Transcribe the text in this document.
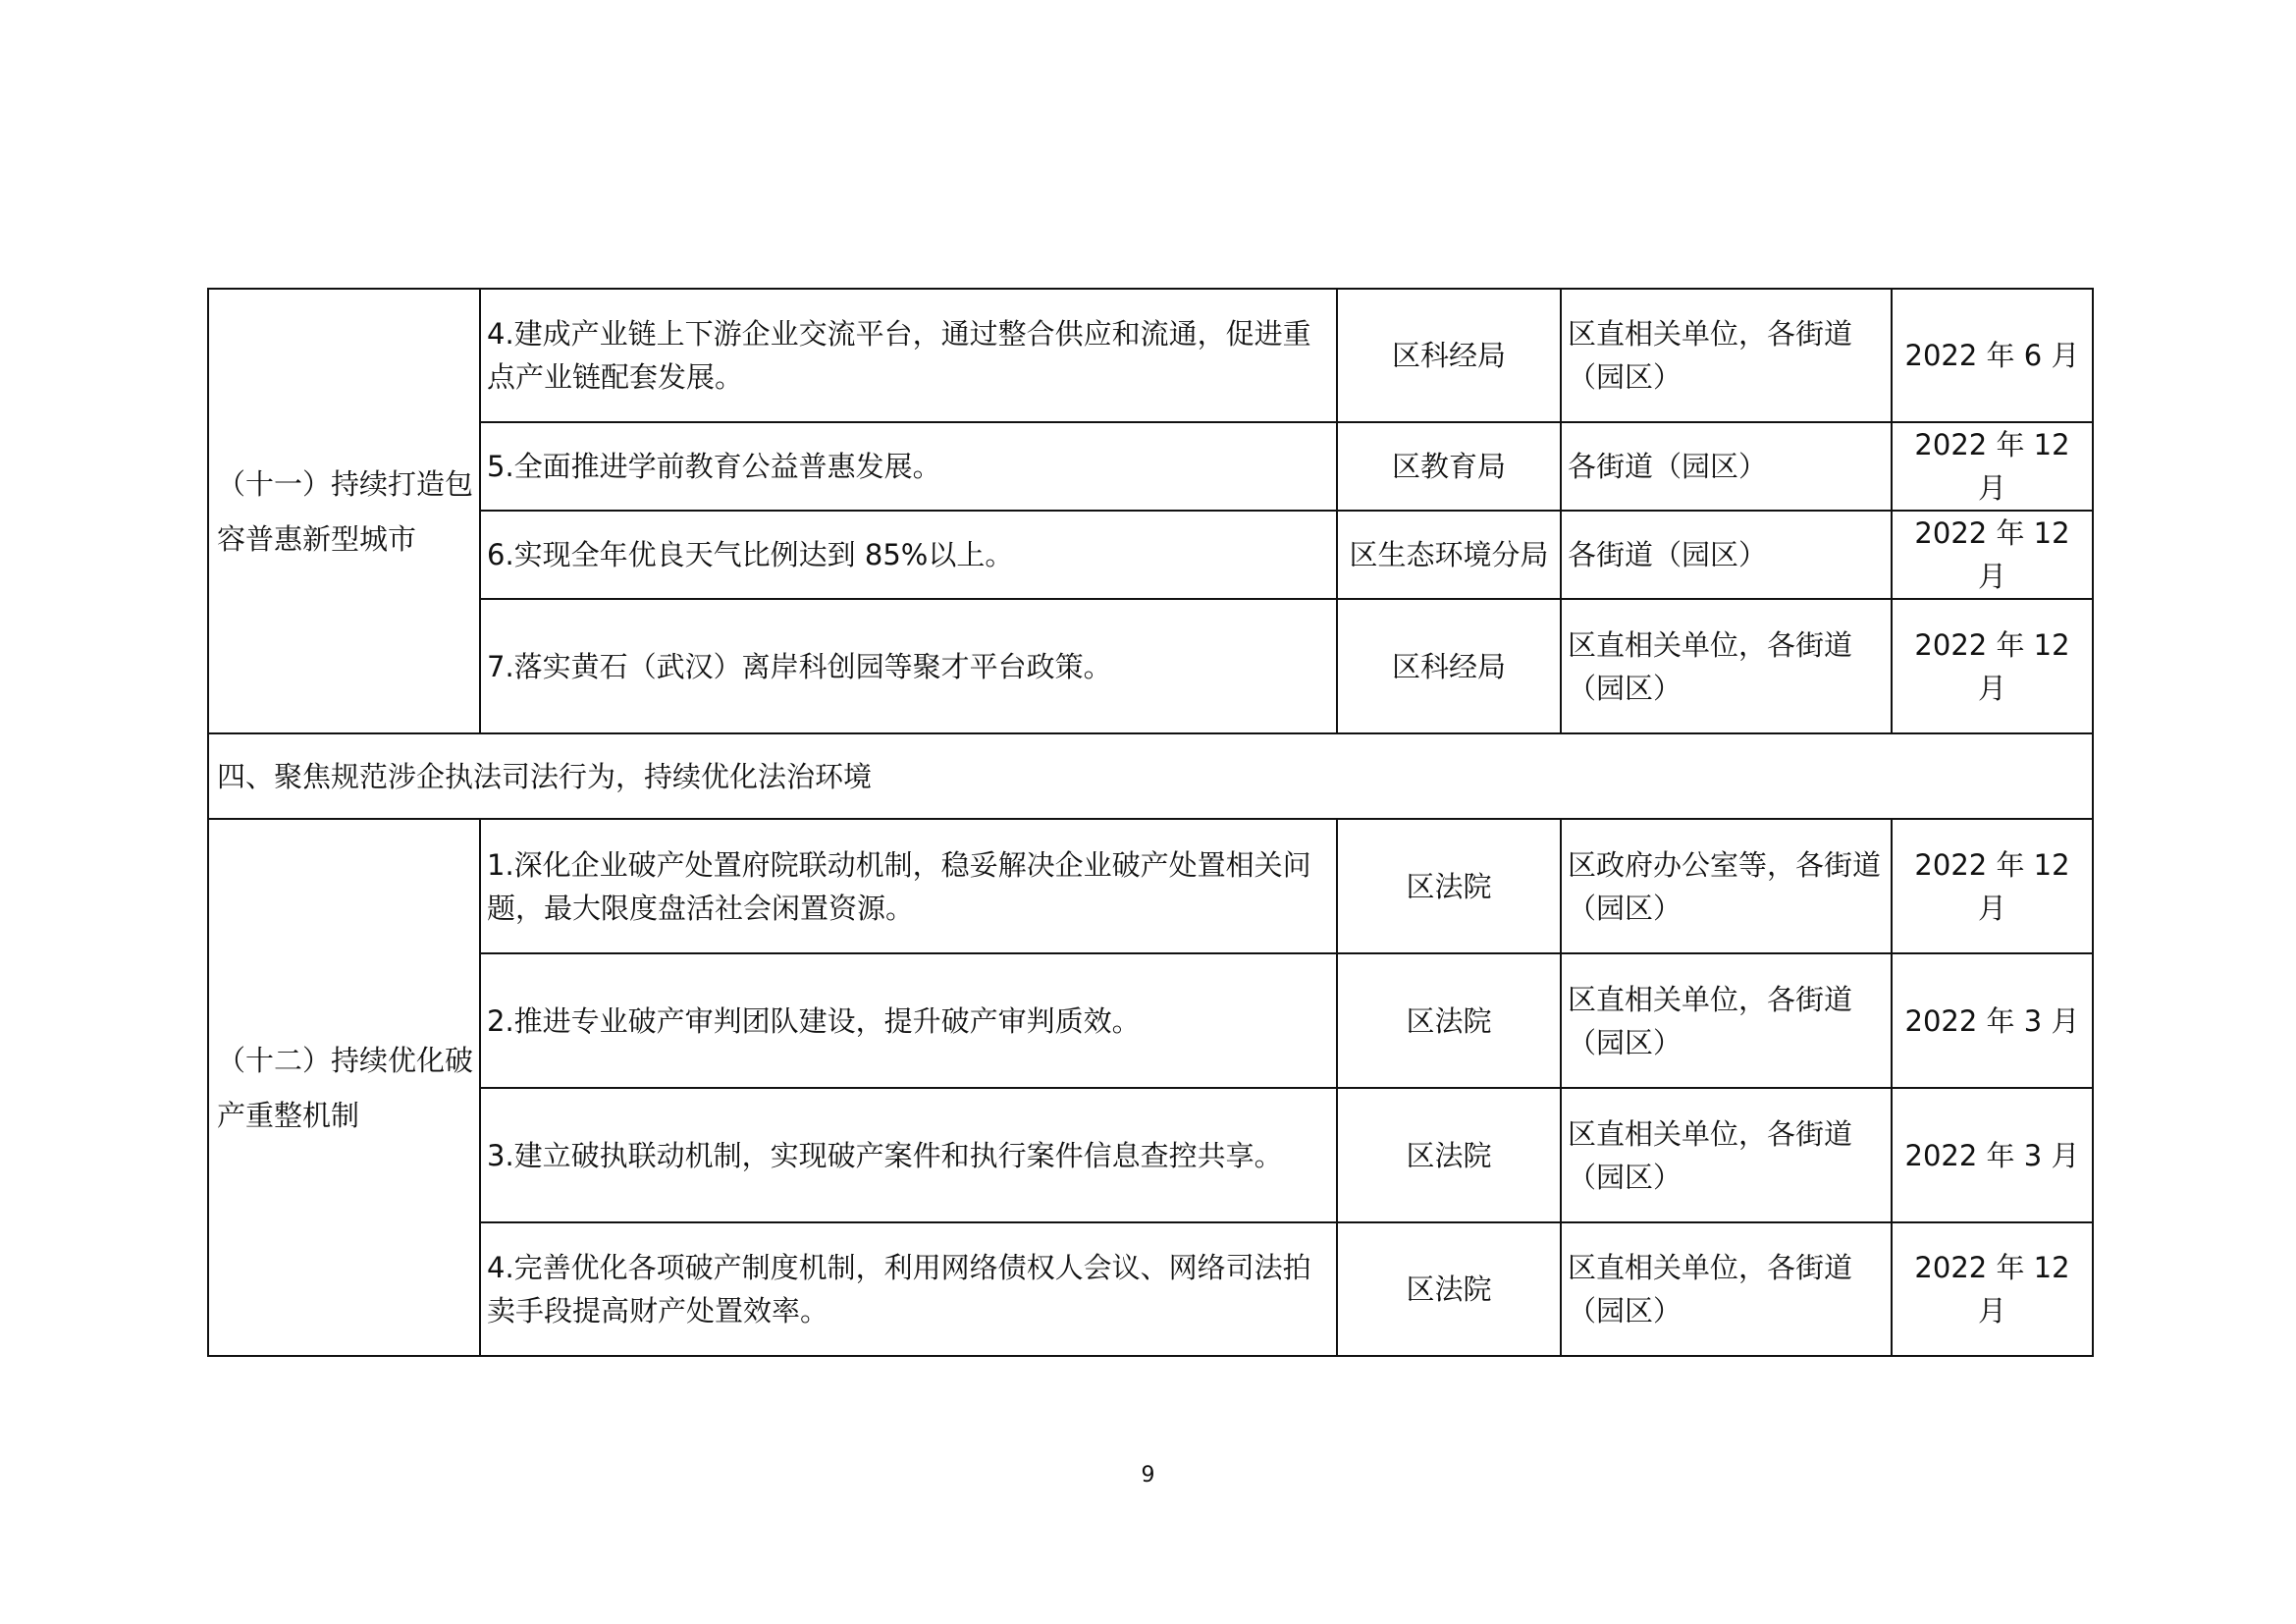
（十一）持续打造包容普惠新型城市	4.建成产业链上下游企业交流平台，通过整合供应和流通，促进重点产业链配套发展。	区科经局	区直相关单位，各街道（园区）	2022 年 6 月
	5.全面推进学前教育公益普惠发展。	区教育局	各街道（园区）	2022 年 12 月
	6.实现全年优良天气比例达到 85%以上。	区生态环境分局	各街道（园区）	2022 年 12 月
	7.落实黄石（武汉）离岸科创园等聚才平台政策。	区科经局	区直相关单位，各街道（园区）	2022 年 12 月
四、聚焦规范涉企执法司法行为，持续优化法治环境				
（十二）持续优化破产重整机制	1.深化企业破产处置府院联动机制，稳妥解决企业破产处置相关问题，最大限度盘活社会闲置资源。	区法院	区政府办公室等，各街道（园区）	2022 年 12 月
	2.推进专业破产审判团队建设，提升破产审判质效。	区法院	区直相关单位，各街道（园区）	2022 年 3 月
	3.建立破执联动机制，实现破产案件和执行案件信息查控共享。	区法院	区直相关单位，各街道（园区）	2022 年 3 月
	4.完善优化各项破产制度机制，利用网络债权人会议、网络司法拍卖手段提高财产处置效率。	区法院	区直相关单位，各街道（园区）	2022 年 12 月
9
